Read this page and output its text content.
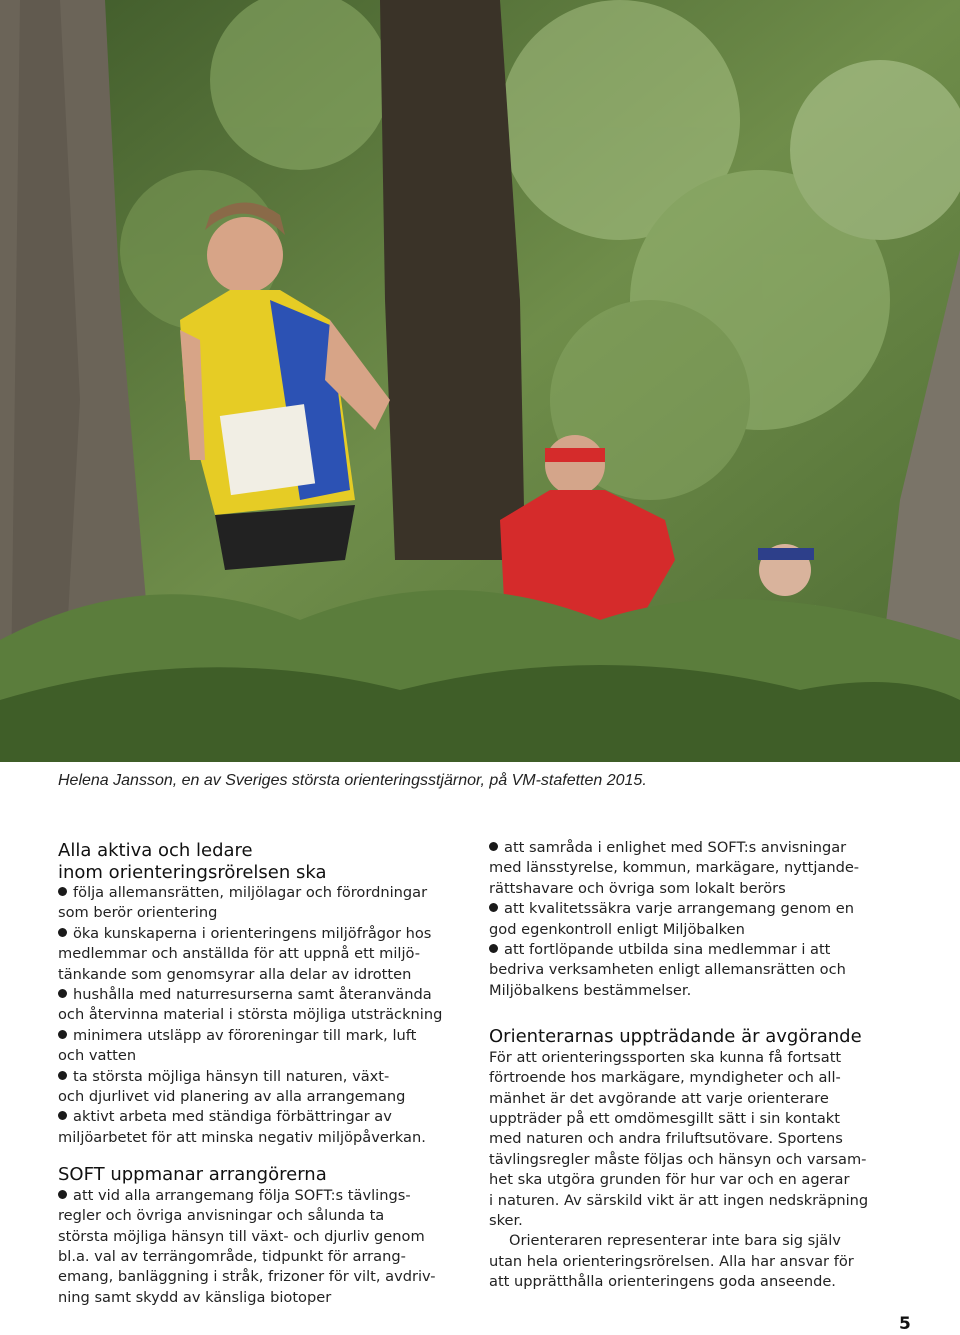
Helena Jansson, en av Sveriges största orienteringsstjärnor, på VM-stafetten 2015.
Alla aktiva och ledare
inom orienteringsrörelsen ska
följa allemansrätten, miljölagar och förordningar
som berör orientering
öka kunskaperna i orienteringens miljöfrågor hos
medlemmar och anställda för att uppnå ett miljö-
tänkande som genomsyrar alla delar av idrotten
hushålla med naturresurserna samt återanvända
och återvinna material i största möjliga utsträckning
minimera utsläpp av föroreningar till mark, luft
och vatten
ta största möjliga hänsyn till naturen, växt-
och djurlivet vid planering av alla arrangemang
aktivt arbeta med ständiga förbättringar av
miljöarbetet för att minska negativ miljöpåverkan.
SOFT uppmanar arrangörerna
att vid alla arrangemang följa SOFT:s tävlings-
regler och övriga anvisningar och sålunda ta
största möjliga hänsyn till växt- och djurliv genom
bl.a. val av terrängområde, tidpunkt för arrang-
emang, banläggning i stråk, frizoner för vilt, avdriv-
ning samt skydd av känsliga biotoper
att samråda i enlighet med SOFT:s anvisningar
med länsstyrelse, kommun, markägare, nyttjande-
rättshavare och övriga som lokalt berörs
att kvalitetssäkra varje arrangemang genom en
god egenkontroll enligt Miljöbalken
att fortlöpande utbilda sina medlemmar i att
bedriva verksamheten enligt allemansrätten och
Miljöbalkens bestämmelser.
Orienterarnas uppträdande är avgörande

För att orienteringssporten ska kunna få fortsatt
förtroende hos markägare, myndigheter och all-
mänhet är det avgörande att varje orienterare
uppträder på ett omdömesgillt sätt i sin kontakt
med naturen och andra friluftsutövare. Sportens
tävlingsregler måste följas och hänsyn och varsam-
het ska utgöra grunden för hur var och en agerar
i naturen. Av särskild vikt är att ingen nedskräpning
sker.

Orienteraren representerar inte bara sig själv
utan hela orienteringsrörelsen. Alla har ansvar för
att upprätthålla orienteringens goda anseende.

5
